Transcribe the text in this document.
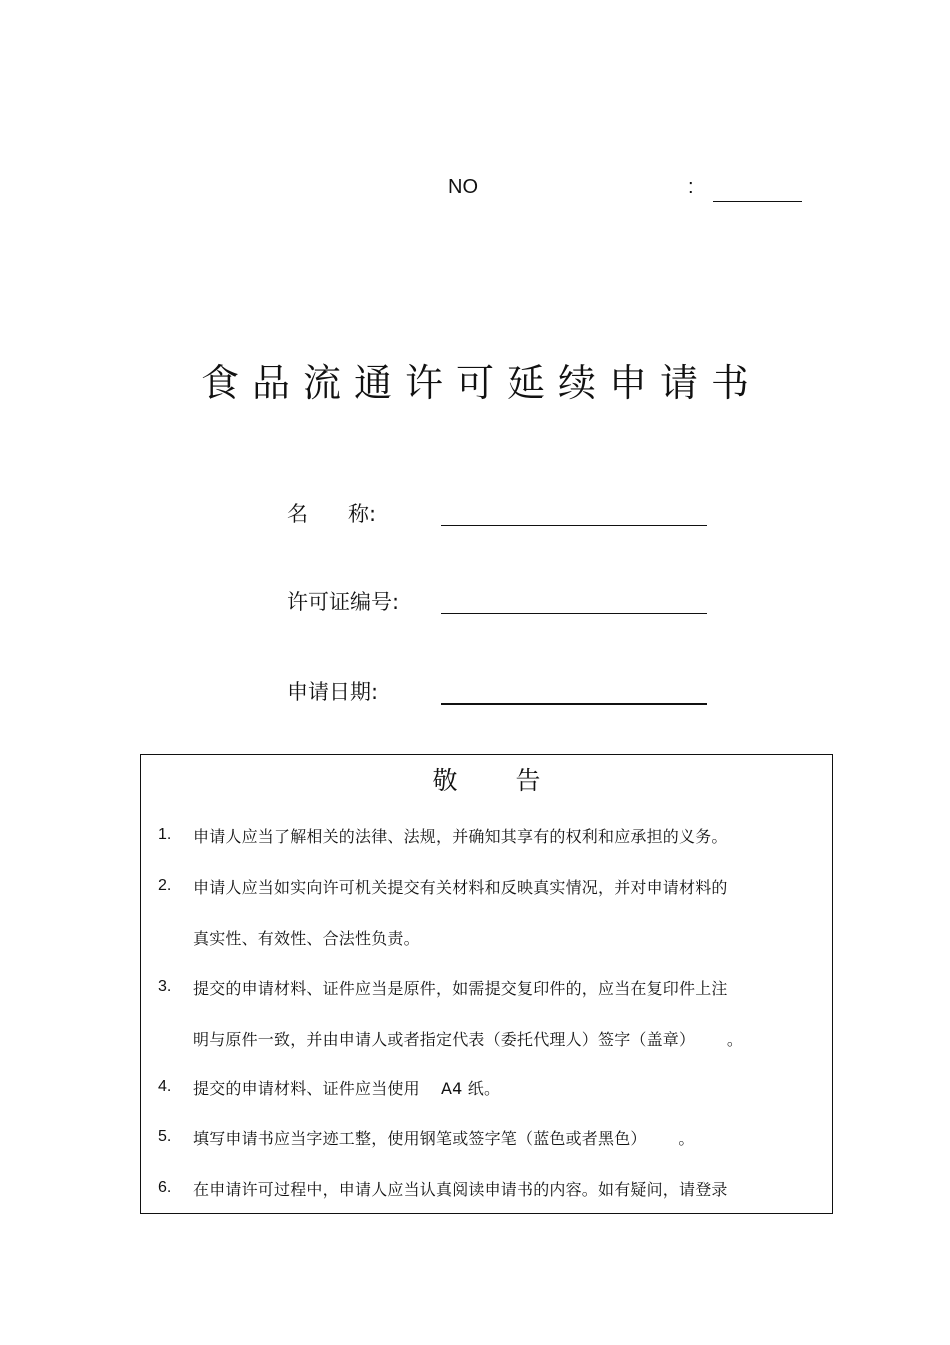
NO	:
食品流通许可延续申请书
名      称:
许可证编号:
申请日期:
敬告
1. 申请人应当了解相关的法律、法规，并确知其享有的权利和应承担的义务。
2. 申请人应当如实向许可机关提交有关材料和反映真实情况，并对申请材料的
真实性、有效性、合法性负责。
3. 提交的申请材料、证件应当是原件，如需提交复印件的，应当在复印件上注
明与原件一致，并由申请人或者指定代表（委托代理人）签字（盖章）      。
4. 提交的申请材料、证件应当使用    A4 纸。
5. 填写申请书应当字迹工整，使用钢笔或签字笔（蓝色或者黑色）      。
6. 在申请许可过程中，申请人应当认真阅读申请书的内容。如有疑问，请登录
